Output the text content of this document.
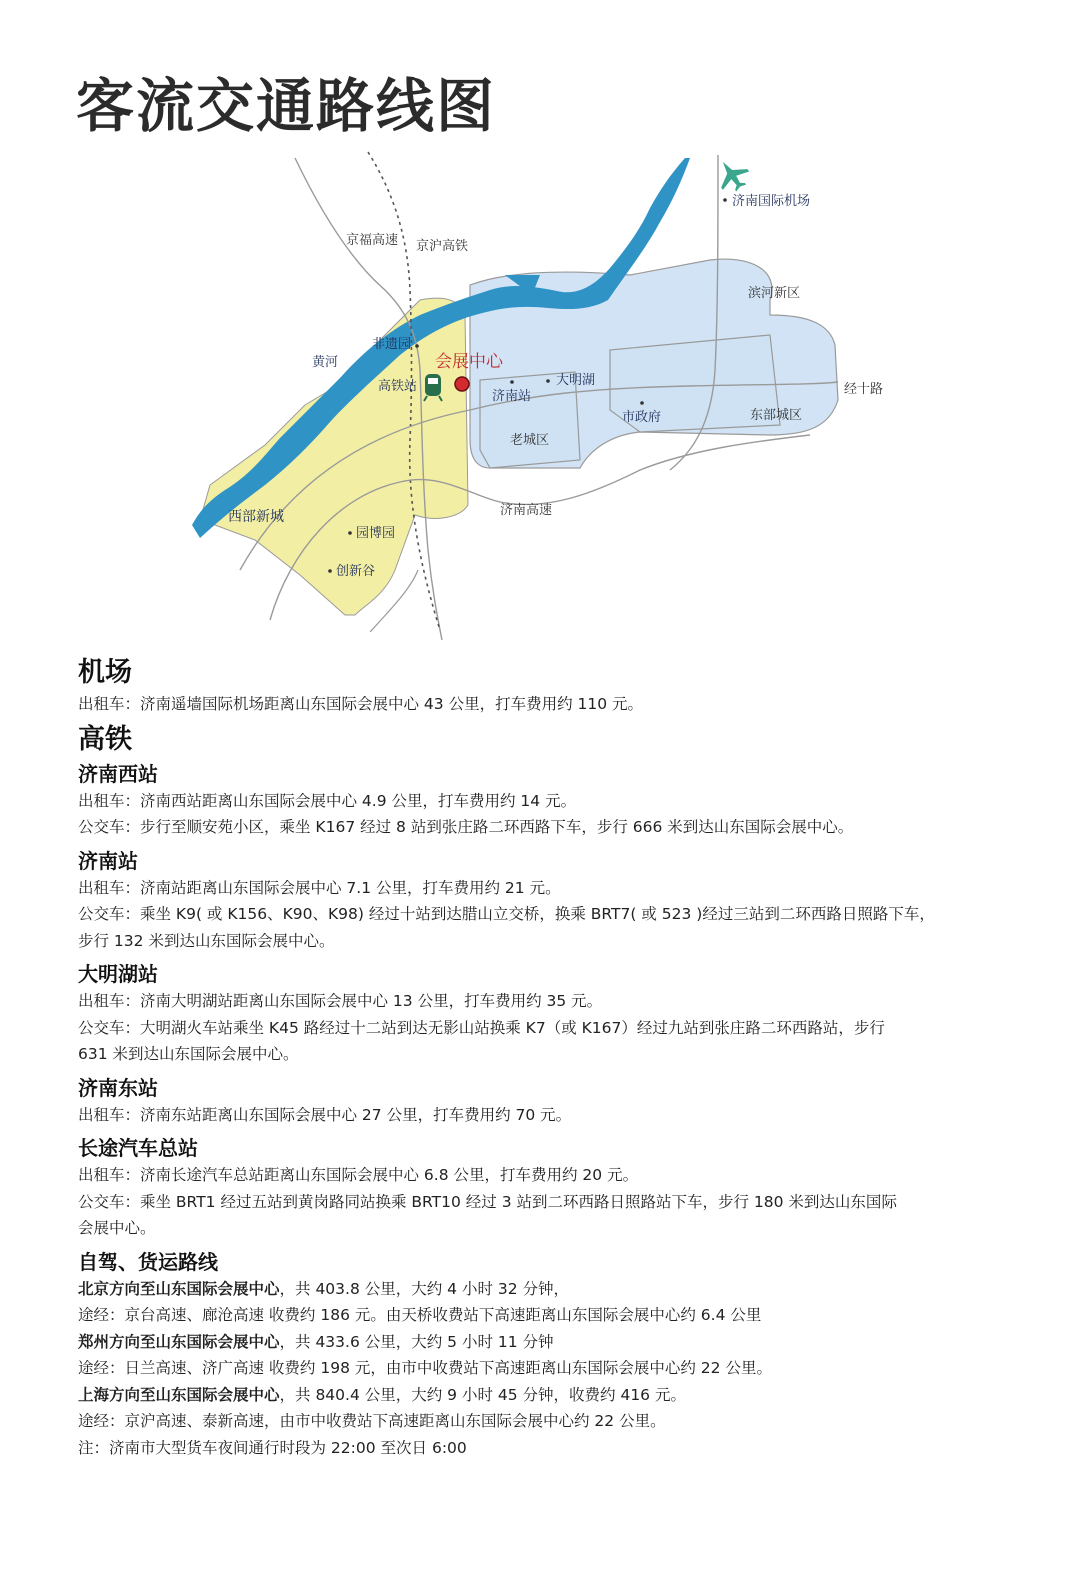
客流交通路线图
济南国际机场
京福高速 京沪高铁
滨河新区
非遗园
黄河	会展中心
高铁站
济南站
大明湖
经十路
市政府	东部城区
老城区
济南高速
西部新城
园博园
创新谷
机场

出租车：济南遥墙国际机场距离山东国际会展中心 43 公里，打车费用约 110 元。

高铁
济南西站

出租车：济南西站距离山东国际会展中心 4.9 公里，打车费用约 14 元。

公交车：步行至顺安苑小区，乘坐 K167 经过 8 站到张庄路二环西路下车，步行 666 米到达山东国际会展中心。

济南站

出租车：济南站距离山东国际会展中心 7.1 公里，打车费用约 21 元。

公交车：乘坐 K9( 或 K156、K90、K98) 经过十站到达腊山立交桥，换乘 BRT7( 或 523 )经过三站到二环西路日照路下车，

步行 132 米到达山东国际会展中心。

大明湖站

出租车：济南大明湖站距离山东国际会展中心 13 公里，打车费用约 35 元。

公交车：大明湖火车站乘坐 K45 路经过十二站到达无影山站换乘 K7（或 K167）经过九站到张庄路二环西路站，步行

631 米到达山东国际会展中心。

济南东站

出租车：济南东站距离山东国际会展中心 27 公里，打车费用约 70 元。

长途汽车总站

出租车：济南长途汽车总站距离山东国际会展中心 6.8 公里，打车费用约 20 元。

公交车：乘坐 BRT1 经过五站到黄岗路同站换乘 BRT10 经过 3 站到二环西路日照路站下车，步行 180 米到达山东国际

会展中心。

自驾、货运路线

北京方向至山东国际会展中心，共 403.8 公里，大约 4 小时 32 分钟，

途经：京台高速、廊沧高速 收费约 186 元。由天桥收费站下高速距离山东国际会展中心约 6.4 公里

郑州方向至山东国际会展中心，共 433.6 公里，大约 5 小时 11 分钟

途经：日兰高速、济广高速 收费约 198 元，由市中收费站下高速距离山东国际会展中心约 22 公里。

上海方向至山东国际会展中心，共 840.4 公里，大约 9 小时 45 分钟，收费约 416 元。

途经：京沪高速、泰新高速，由市中收费站下高速距离山东国际会展中心约 22 公里。

注：济南市大型货车夜间通行时段为 22:00 至次日 6:00
